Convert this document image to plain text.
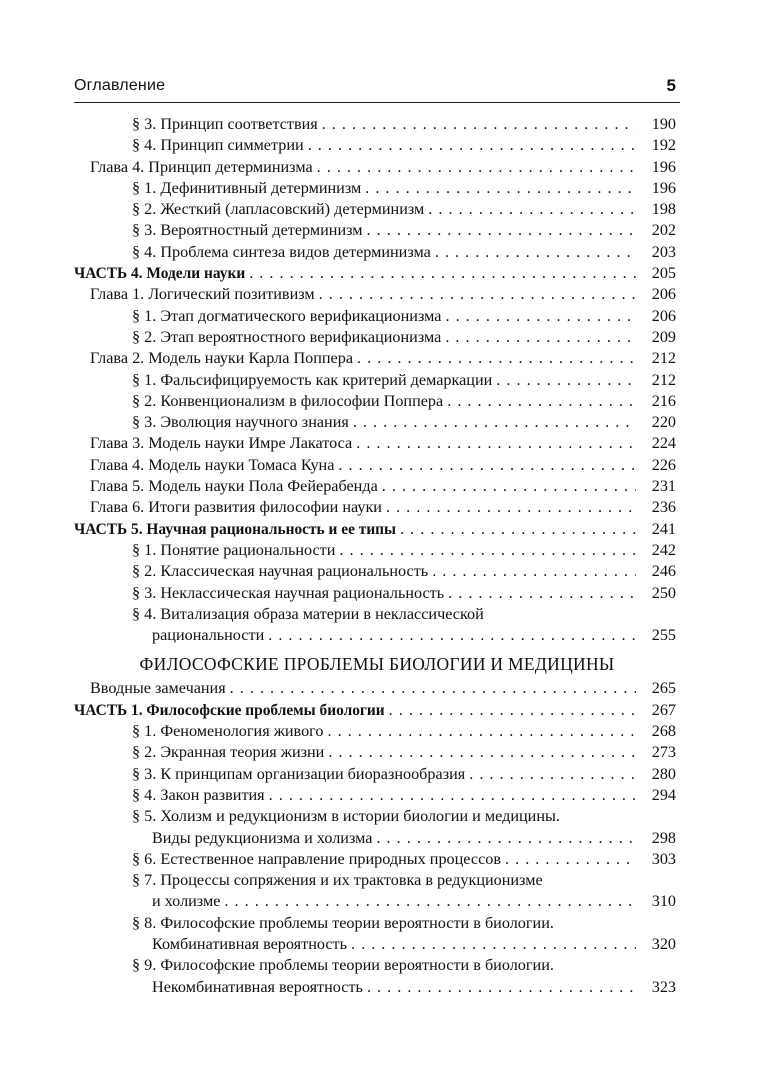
Оглавление	5
§ 3. Принцип соответствия . . .	190
§ 4. Принцип симметрии . . .	192
Глава 4. Принцип детерминизма . . .	196
§ 1. Дефинитивный детерминизм . . .	196
§ 2. Жесткий (лапласовский) детерминизм . . .	198
§ 3. Вероятностный детерминизм . . .	202
§ 4. Проблема синтеза видов детерминизма . . .	203
ЧАСТЬ 4. Модели науки . . .	205
Глава 1. Логический позитивизм . . .	206
§ 1. Этап догматического верификационизма . . .	206
§ 2. Этап вероятностного верификационизма . . .	209
Глава 2. Модель науки Карла Поппера . . .	212
§ 1. Фальсифицируемость как критерий демаркации . . .	212
§ 2. Конвенционализм в философии Поппера . . .	216
§ 3. Эволюция научного знания . . .	220
Глава 3. Модель науки Имре Лакатоса . . .	224
Глава 4. Модель науки Томаса Куна . . .	226
Глава 5. Модель науки Пола Фейерабенда . . .	231
Глава 6. Итоги развития философии науки . . .	236
ЧАСТЬ 5. Научная рациональность и ее типы . . .	241
§ 1. Понятие рациональности . . .	242
§ 2. Классическая научная рациональность . . .	246
§ 3. Неклассическая научная рациональность . . .	250
§ 4. Витализация образа материи в неклассической
рациональности . . .	255
ФИЛОСОФСКИЕ ПРОБЛЕМЫ БИОЛОГИИ И МЕДИЦИНЫ
Вводные замечания . . .	265
ЧАСТЬ 1. Философские проблемы биологии . . .	267
§ 1. Феноменология живого . . .	268
§ 2. Экранная теория жизни . . .	273
§ 3. К принципам организации биоразнообразия . . .	280
§ 4. Закон развития . . .	294
§ 5. Холизм и редукционизм в истории биологии и медицины.
Виды редукционизма и холизма . . .	298
§ 6. Естественное направление природных процессов . . .	303
§ 7. Процессы сопряжения и их трактовка в редукционизме
и холизме . . .	310
§ 8. Философские проблемы теории вероятности в биологии.
Комбинативная вероятность . . .	320
§ 9. Философские проблемы теории вероятности в биологии.
Некомбинативная вероятность . . .	323
